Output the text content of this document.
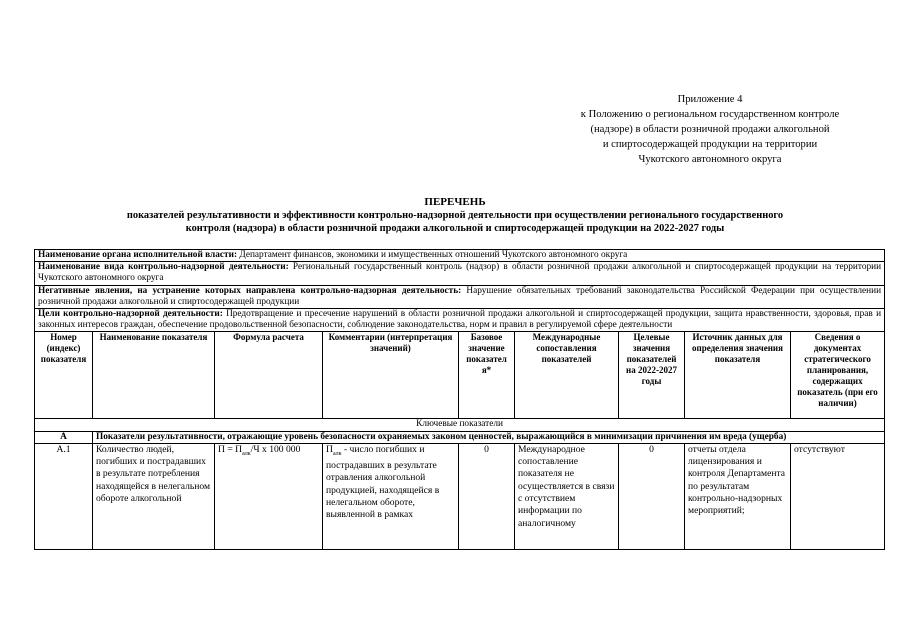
Приложение 4
к Положению о региональном государственном контроле
(надзоре) в области розничной продажи алкогольной
и спиртосодержащей продукции на территории
Чукотского автономного округа
ПЕРЕЧЕНЬ
показателей результативности и эффективности контрольно-надзорной деятельности при осуществлении регионального государственного
контроля (надзора) в области розничной продажи алкогольной и спиртосодержащей продукции на 2022-2027 годы
Наименование органа исполнительной власти: Департамент финансов, экономики и имущественных отношений Чукотского автономного округа								
Наименование вида контрольно-надзорной деятельности: Региональный государственный контроль (надзор) в области розничной продажи алкогольной и спиртосодержащей продукции на территории Чукотского автономного округа								
Негативные явления, на устранение которых направлена контрольно-надзорная деятельность: Нарушение обязательных требований законодательства Российской Федерации при осуществлении розничной продажи алкогольной и спиртосодержащей продукции								
Цели контрольно-надзорной деятельности: Предотвращение и пресечение нарушений в области розничной продажи алкогольной и спиртосодержащей продукции, защита нравственности, здоровья, прав и законных интересов граждан, обеспечение продовольственной безопасности, соблюдение законодательства, норм и правил в регулируемой сфере деятельности								
Номер (индекс) показателя	Наименование показателя	Формула расчета	Комментарии (интерпретация значений)	Базовое значение показател я*	Международные сопоставления показателей	Целевые значения показателей на 2022-2027 годы	Источник данных для определения значения показателя	Сведения о документах стратегического планирования, содержащих показатель (при его наличии)
Ключевые показатели								
А	Показатели результативности, отражающие уровень безопасности охраняемых законом ценностей, выражающийся в минимизации причинения им вреда (ущерба)							
А.1	Количество людей, погибших и пострадавших в результате потребления находящейся в нелегальном обороте алкогольной	$П = П_{алк}/Ч$ х 100 000	$П_{алк}$ - число погибших и пострадавших в результате отравления алкогольной продукцией, находящейся в нелегальном обороте, выявленной в рамках	0	Международное сопоставление показателя не осуществляется в связи с отсутствием информации по аналогичному	0	отчеты отдела лицензирования и контроля Департамента по результатам контрольно-надзорных мероприятий;	отсутствуют
